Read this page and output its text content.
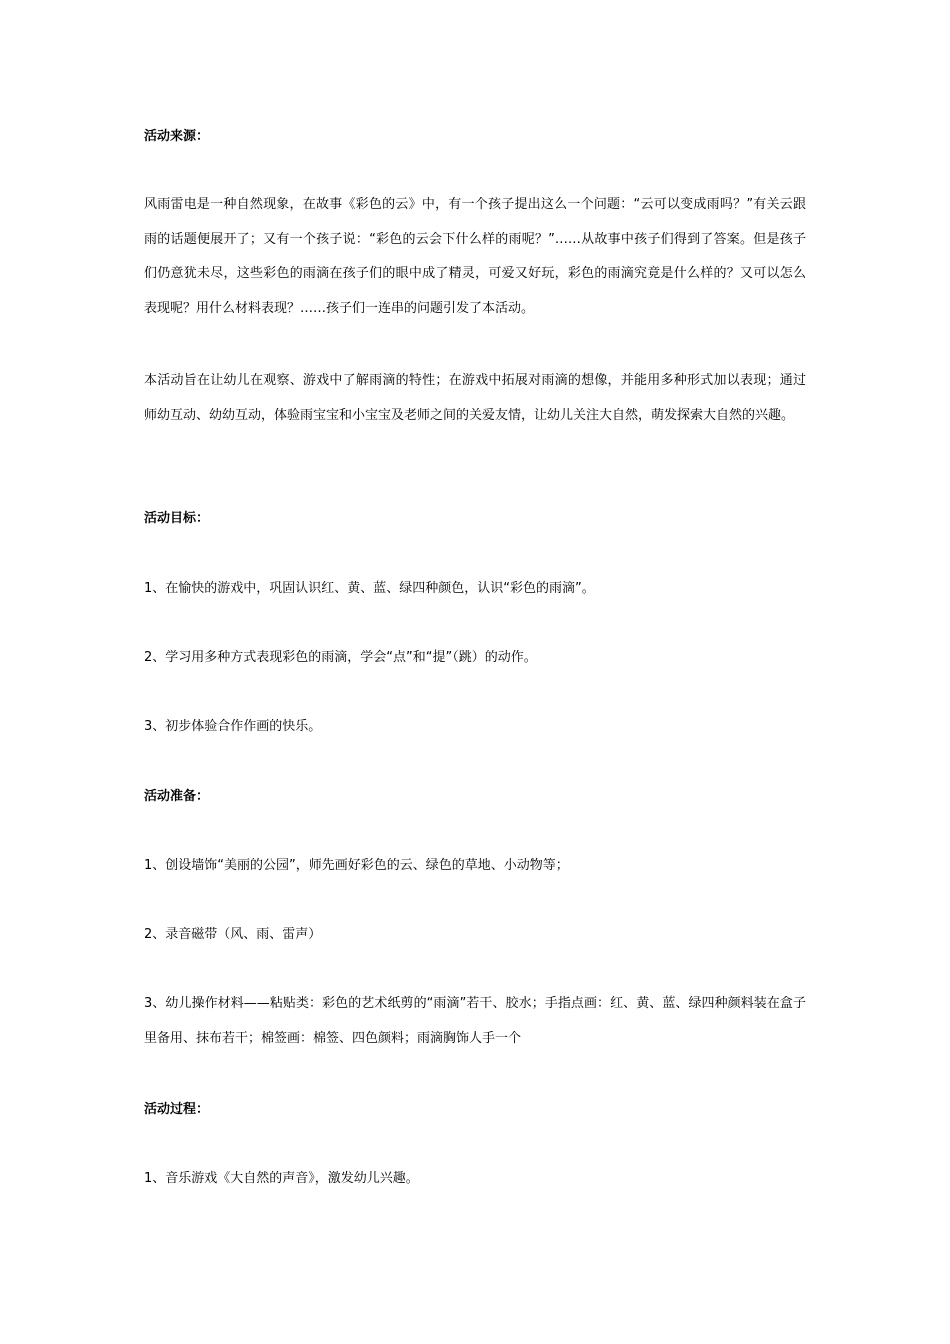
活动来源：
风雨雷电是一种自然现象，在故事《彩色的云》中，有一个孩子提出这么一个问题：“云可以变成雨吗？”有关云跟雨的话题便展开了；又有一个孩子说：“彩色的云会下什么样的雨呢？”……从故事中孩子们得到了答案。但是孩子们仍意犹未尽，这些彩色的雨滴在孩子们的眼中成了精灵，可爱又好玩，彩色的雨滴究竟是什么样的？又可以怎么表现呢？用什么材料表现？……孩子们一连串的问题引发了本活动。
本活动旨在让幼儿在观察、游戏中了解雨滴的特性；在游戏中拓展对雨滴的想像，并能用多种形式加以表现；通过师幼互动、幼幼互动，体验雨宝宝和小宝宝及老师之间的关爱友情，让幼儿关注大自然，萌发探索大自然的兴趣。
活动目标：
1、在愉快的游戏中，巩固认识红、黄、蓝、绿四种颜色，认识“彩色的雨滴”。
2、学习用多种方式表现彩色的雨滴，学会“点”和“提”（跳）的动作。
3、初步体验合作作画的快乐。
活动准备：
1、创设墙饰“美丽的公园”，师先画好彩色的云、绿色的草地、小动物等；
2、录音磁带（风、雨、雷声）
3、幼儿操作材料——粘贴类：彩色的艺术纸剪的“雨滴”若干、胶水；手指点画：红、黄、蓝、绿四种颜料装在盒子里备用、抹布若干；棉签画：棉签、四色颜料；雨滴胸饰人手一个
活动过程：
1、音乐游戏《大自然的声音》，激发幼儿兴趣。
